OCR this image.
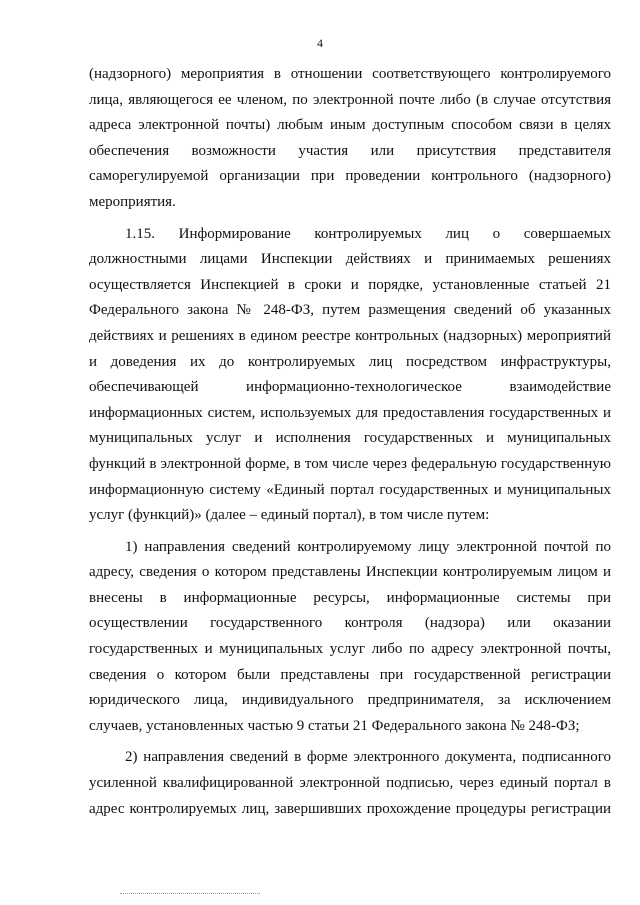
4
(надзорного) мероприятия в отношении соответствующего контролируемого
лица, являющегося ее членом, по электронной почте либо (в случае отсутствия
адреса электронной почты) любым иным доступным способом связи в целях
обеспечения возможности участия или присутствия представителя
саморегулируемой организации при проведении контрольного (надзорного)
мероприятия.
1.15. Информирование контролируемых лиц о совершаемых
должностными лицами Инспекции действиях и принимаемых решениях
осуществляется Инспекцией в сроки и порядке, установленные статьей 21
Федерального закона № 248-ФЗ, путем размещения сведений об указанных
действиях и решениях в едином реестре контрольных (надзорных) мероприятий
и доведения их до контролируемых лиц посредством инфраструктуры,
обеспечивающей информационно-технологическое взаимодействие
информационных систем, используемых для предоставления государственных и
муниципальных услуг и исполнения государственных и муниципальных
функций в электронной форме, в том числе через федеральную государственную
информационную систему «Единый портал государственных и муниципальных
услуг (функций)» (далее – единый портал), в том числе путем:
1) направления сведений контролируемому лицу электронной почтой по
адресу, сведения о котором представлены Инспекции контролируемым лицом и
внесены в информационные ресурсы, информационные системы при
осуществлении государственного контроля (надзора) или оказании
государственных и муниципальных услуг либо по адресу электронной почты,
сведения о котором были представлены при государственной регистрации
юридического лица, индивидуального предпринимателя, за исключением
случаев, установленных частью 9 статьи 21 Федерального закона № 248-ФЗ;
2) направления сведений в форме электронного документа, подписанного
усиленной квалифицированной электронной подписью, через единый портал в
адрес контролируемых лиц, завершивших прохождение процедуры регистрации
